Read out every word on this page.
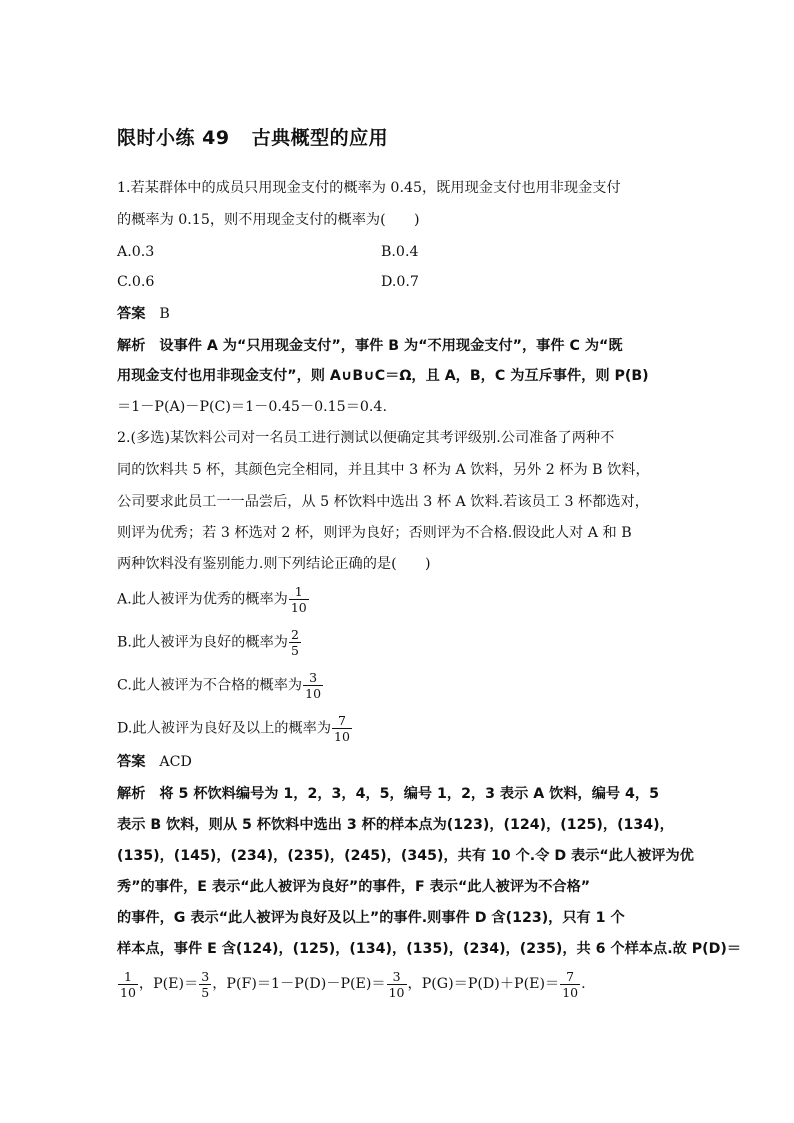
限时小练 49 古典概型的应用
1.若某群体中的成员只用现金支付的概率为 0.45，既用现金支付也用非现金支付
的概率为 0.15，则不用现金支付的概率为(　　)
A.0.3	B.0.4
C.0.6	D.0.7
答案 B
解析 设事件 A 为“只用现金支付”，事件 B 为“不用现金支付”，事件 C 为“既
用现金支付也用非现金支付”，则 A∪B∪C＝Ω，且 A，B，C 为互斥事件，则 P(B)
＝1－P(A)－P(C)＝1－0.45－0.15＝0.4.
2.(多选)某饮料公司对一名员工进行测试以便确定其考评级别.公司准备了两种不
同的饮料共 5 杯，其颜色完全相同，并且其中 3 杯为 A 饮料，另外 2 杯为 B 饮料，
公司要求此员工一一品尝后，从 5 杯饮料中选出 3 杯 A 饮料.若该员工 3 杯都选对，
则评为优秀；若 3 杯选对 2 杯，则评为良好；否则评为不合格.假设此人对 A 和 B
两种饮料没有鉴别能力.则下列结论正确的是(　　)
A.此人被评为优秀的概率为 $\frac{1}{10}$
B.此人被评为良好的概率为 $\frac{2}{5}$
C.此人被评为不合格的概率为 $\frac{3}{10}$
D.此人被评为良好及以上的概率为 $\frac{7}{10}$
答案 ACD
解析 将 5 杯饮料编号为 1，2，3，4，5，编号 1，2，3 表示 A 饮料，编号 4，5
表示 B 饮料，则从 5 杯饮料中选出 3 杯的样本点为(123)，(124)，(125)，(134)，
(135)，(145)，(234)，(235)，(245)，(345)，共有 10 个.令 D 表示“此人被评为优
秀”的事件，E 表示“此人被评为良好”的事件，F 表示“此人被评为不合格”
的事件，G 表示“此人被评为良好及以上”的事件.则事件 D 含(123)，只有 1 个
样本点，事件 E 含(124)，(125)，(134)，(135)，(234)，(235)，共 6 个样本点.故 P(D)＝
$\frac{1}{10}$ ，$P(E)= \frac{3}{5}$ ，$P(F)=1-P(D)-P(E)= \frac{3}{10}$ ，$P(G)=P(D)+P(E)= \frac{7}{10}$ .
